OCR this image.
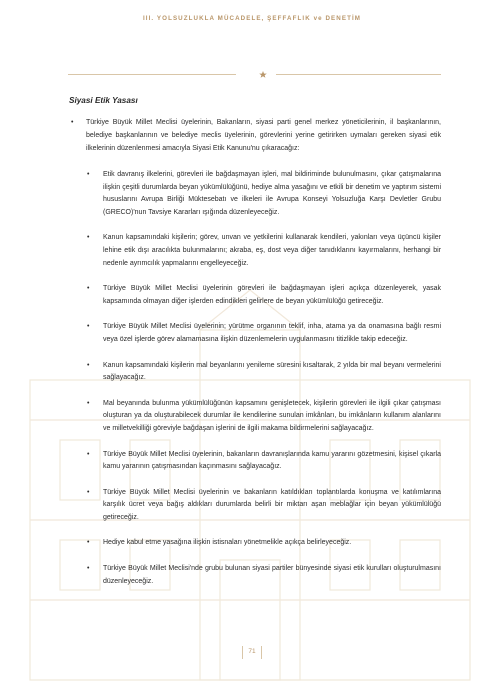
III. YOLSUZLUKLA MÜCADELE, ŞEFFAFLIK ve DENETİM
Siyasi Etik Yasası

• Türkiye Büyük Millet Meclisi üyelerinin, Bakanların, siyasi parti genel merkez yöneticilerinin, il başkanlarının, belediye başkanlarının ve belediye meclis üyelerinin, görevlerini yerine getirirken uymaları gereken siyasi etik ilkelerinin düzenlenmesi amacıyla Siyasi Etik Kanunu'nu çıkaracağız:

• Etik davranış ilkelerini, görevleri ile bağdaşmayan işleri, mal bildiriminde bulunulmasını, çıkar çatışmalarına ilişkin çeşitli durumlarda beyan yükümlülüğünü, hediye alma yasağını ve etkili bir denetim ve yaptırım sistemi hususlarını Avrupa Birliği Müktesebatı ve ilkeleri ile Avrupa Konseyi Yolsuzluğa Karşı Devletler Grubu (GRECO)'nun Tavsiye Kararları ışığında düzenleyeceğiz.

• Kanun kapsamındaki kişilerin; görev, unvan ve yetkilerini kullanarak kendileri, yakınları veya üçüncü kişiler lehine etik dışı aracılıkta bulunmalarını; akraba, eş, dost veya diğer tanıdıklarını kayırmalarını, herhangi bir nedenle ayrımcılık yapmalarını engelleyeceğiz.

• Türkiye Büyük Millet Meclisi üyelerinin görevleri ile bağdaşmayan işleri açıkça düzenleyerek, yasak kapsamında olmayan diğer işlerden edindikleri gelirlere de beyan yükümlülüğü getireceğiz.

• Türkiye Büyük Millet Meclisi üyelerinin; yürütme organının teklif, inha, atama ya da onamasına bağlı resmi veya özel işlerde görev alamamasına ilişkin düzenlemelerin uygulanmasını titizlikle takip edeceğiz.

• Kanun kapsamındaki kişilerin mal beyanlarını yenileme süresini kısaltarak, 2 yılda bir mal beyanı vermelerini sağlayacağız.

• Mal beyanında bulunma yükümlülüğünün kapsamını genişletecek, kişilerin görevleri ile ilgili çıkar çatışması oluşturan ya da oluşturabilecek durumlar ile kendilerine sunulan imkânları, bu imkânların kullanım alanlarını ve milletvekilliği göreviyle bağdaşan işlerini de ilgili makama bildirmelerini sağlayacağız.

• Türkiye Büyük Millet Meclisi üyelerinin, bakanların davranışlarında kamu yararını gözetmesini, kişisel çıkarla kamu yararının çatışmasından kaçınmasını sağlayacağız.

• Türkiye Büyük Millet Meclisi üyelerinin ve bakanların katıldıkları toplantılarda konuşma ve katılımlarına karşılık ücret veya bağış aldıkları durumlarda belirli bir miktarı aşan meblağlar için beyan yükümlülüğü getireceğiz.

• Hediye kabul etme yasağına ilişkin istisnaları yönetmelikle açıkça belirleyeceğiz.

• Türkiye Büyük Millet Meclisi'nde grubu bulunan siyasi partiler bünyesinde siyasi etik kurulları oluşturulmasını düzenleyeceğiz.

71
